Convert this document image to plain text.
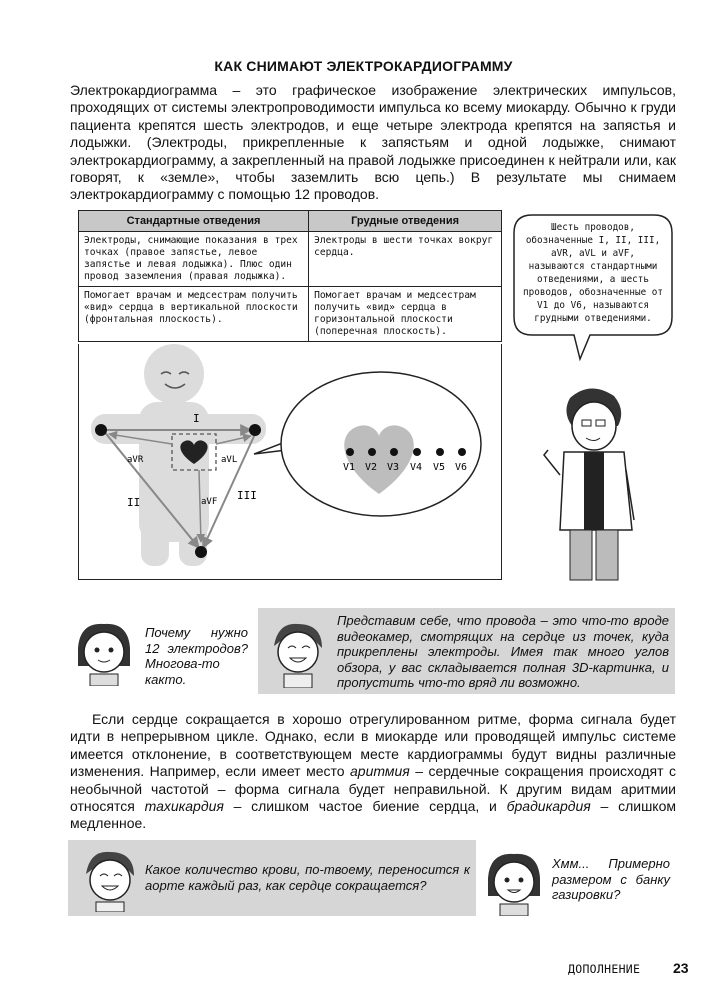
КАК СНИМАЮТ ЭЛЕКТРОКАРДИОГРАММУ

Электрокардиограмма – это графическое изображение электрических импульсов, проходящих от системы электропроводимости импульса ко всему миокарду. Обычно к груди пациента крепятся шесть электродов, и еще четыре электрода крепятся на запястья и лодыжки. (Электроды, прикрепленные к запястьям и одной лодыжке, снимают электрокардиограмму, а закрепленный на правой лодыжке присоединен к нейтрали или, как говорят, к «земле», чтобы заземлить всю цепь.) В результате мы снимаем электрокардиограмму с помощью 12 проводов.

Стандартные отведения	Грудные отведения
Электроды, снимающие показания в трех точках (правое запястье, левое запястье и левая лодыжка). Плюс один провод заземления (правая лодыжка).	Электроды в шести точках вокруг сердца.
Помогает врачам и медсестрам получить «вид» сердца в вертикальной плоскости (фронтальная плоскость).	Помогает врачам и медсестрам получить «вид» сердца в горизонтальной плоскости (поперечная плоскость).
I
II
III
aVR	aVL
aVF
V1 V2 V3 V4 V5 V6
Шесть проводов, обозначенные I, II, III, aVR, aVL и aVF, называются стандартными отведениями, а шесть проводов, обозначенные от V1 до V6, называются грудными отведениями.
Почему нужно 12 электродов? Многова-то както.
Представим себе, что провода – это что-то вроде видеокамер, смотрящих на сердце из точек, куда прикреплены электроды. Имея так много углов обзора, у вас складывается полная 3D-картинка, и пропустить что-то вряд ли возможно.
Если сердце сокращается в хорошо отрегулированном ритме, форма сигнала будет идти в непрерывном цикле. Однако, если в миокарде или проводящей импульс системе имеется отклонение, в соответствующем месте кардиограммы будут видны различные изменения. Например, если имеет место аритмия – сердечные сокращения происходят с необычной частотой – форма сигнала будет неправильной. К другим видам аритмии относятся тахикардия – слишком частое биение сердца, и брадикардия – слишком медленное.
Какое количество крови, по-твоему, переносится к аорте каждый раз, как сердце сокращается?
Хмм... Примерно размером с банку газировки?
ДОПОЛНЕНИЕ 23
